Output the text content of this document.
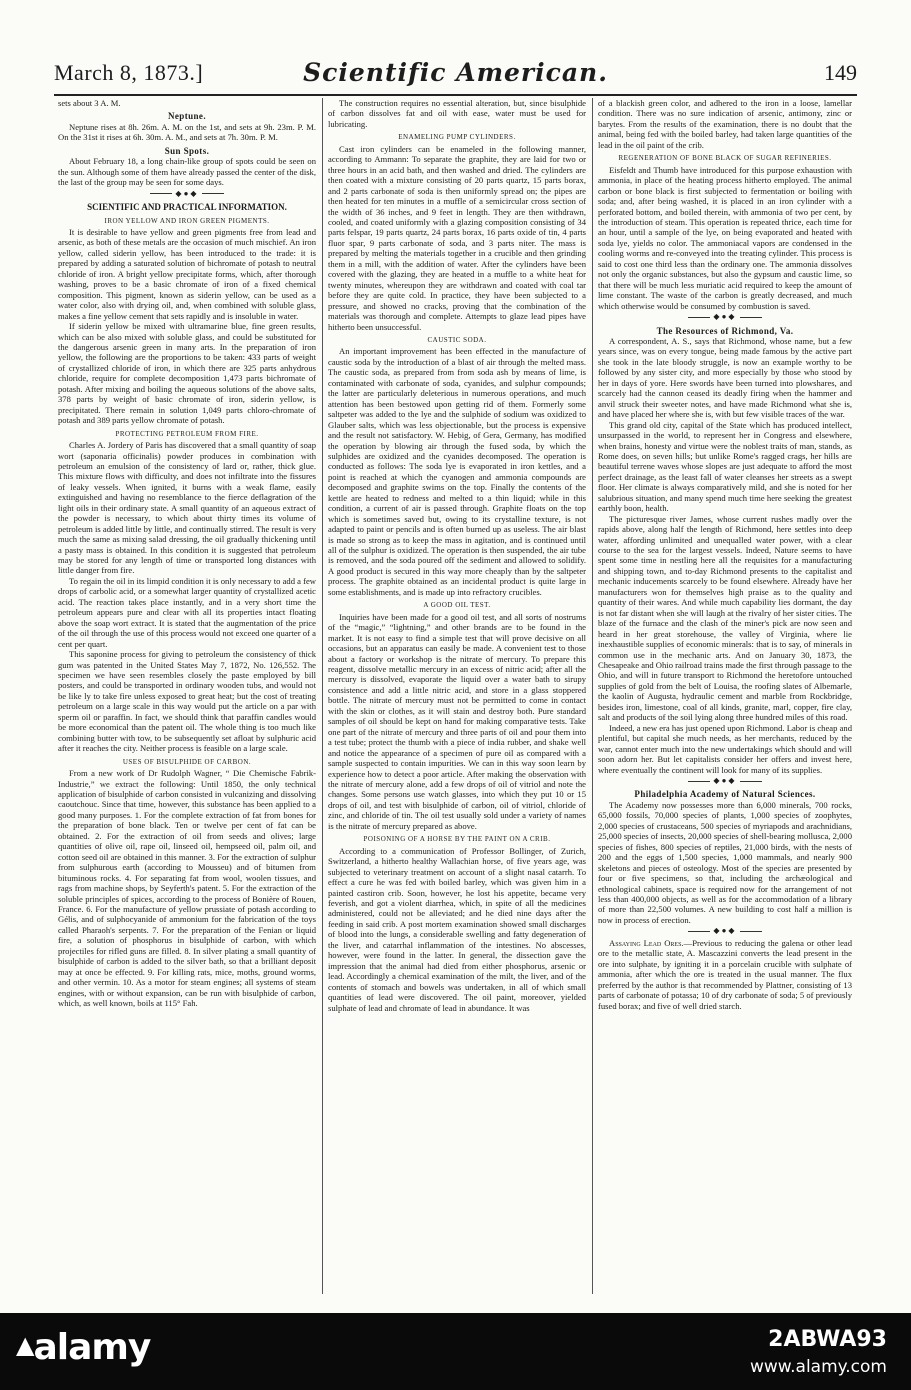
March 8, 1873.]	Scientific American.	149

sets about 3 A. M.

Neptune.

Neptune rises at 8h. 26m. A. M. on the 1st, and sets at 9h. 23m. P. M. On the 31st it rises at 6h. 30m. A. M., and sets at 7h. 30m. P. M.

Sun Spots.

About February 18, a long chain-like group of spots could be seen on the sun. Although some of them have already passed the center of the disk, the last of the group may be seen for some days.

◆●◆
SCIENTIFIC AND PRACTICAL INFORMATION.
IRON YELLOW AND IRON GREEN PIGMENTS.

It is desirable to have yellow and green pigments free from lead and arsenic, as both of these metals are the occasion of much mischief. An iron yellow, called siderin yellow, has been introduced to the trade: it is prepared by adding a saturated solution of bichromate of potash to neutral chloride of iron. A bright yellow precipitate forms, which, after thorough washing, proves to be a basic chromate of iron of a fixed chemical composition. This pigment, known as siderin yellow, can be used as a water color, also with drying oil, and, when combined with soluble glass, makes a fine yellow cement that sets rapidly and is insoluble in water.

If siderin yellow be mixed with ultramarine blue, fine green results, which can be also mixed with soluble glass, and could be substituted for the dangerous arsenic green in many arts. In the preparation of iron yellow, the following are the proportions to be taken: 433 parts of weight of crystallized chloride of iron, in which there are 325 parts anhydrous chloride, require for complete decomposition 1,473 parts bichromate of potash. After mixing and boiling the aqueous solutions of the above salts, 378 parts by weight of basic chromate of iron, siderin yellow, is precipitated. There remain in solution 1,049 parts chloro-chromate of potash and 389 parts yellow chromate of potash.

PROTECTING PETROLEUM FROM FIRE.

Charles A. Jordery of Paris has discovered that a small quantity of soap wort (saponaria officinalis) powder produces in combination with petroleum an emulsion of the consistency of lard or, rather, thick glue. This mixture flows with difficulty, and does not infiltrate into the fissures of leaky vessels. When ignited, it burns with a weak flame, easily extinguished and having no resemblance to the fierce deflagration of the light oils in their ordinary state. A small quantity of an aqueous extract of the powder is necessary, to which about thirty times its volume of petroleum is added little by little, and continually stirred. The result is very much the same as mixing salad dressing, the oil gradually thickening until a pasty mass is obtained. In this condition it is suggested that petroleum may be stored for any length of time or transported long distances with little danger from fire.

To regain the oil in its limpid condition it is only necessary to add a few drops of carbolic acid, or a somewhat larger quantity of crystallized acetic acid. The reaction takes place instantly, and in a very short time the petroleum appears pure and clear with all its properties intact floating above the soap wort extract. It is stated that the augmentation of the price of the oil through the use of this process would not exceed one quarter of a cent per quart.

This saponine process for giving to petroleum the consistency of thick gum was patented in the United States May 7, 1872, No. 126,552. The specimen we have seen resembles closely the paste employed by bill posters, and could be transported in ordinary wooden tubs, and would not be like ly to take fire unless exposed to great heat; but the cost of treating petroleum on a large scale in this way would put the article on a par with sperm oil or paraffin. In fact, we should think that paraffin candles would be more economical than the patent oil. The whole thing is too much like combining butter with tow, to be subsequently set afloat by sulphuric acid after it reaches the city. Neither process is feasible on a large scale.

USES OF BISULPHIDE OF CARBON.

From a new work of Dr Rudolph Wagner, “ Die Chemische Fabrik-Industrie,” we extract the following: Until 1850, the only technical application of bisulphide of carbon consisted in vulcanizing and dissolving caoutchouc. Since that time, however, this substance has been applied to a good many purposes. 1. For the complete extraction of fat from bones for the preparation of bone black. Ten or twelve per cent of fat can be obtained. 2. For the extraction of oil from seeds and olives; large quantities of olive oil, rape oil, linseed oil, hempseed oil, palm oil, and cotton seed oil are obtained in this manner. 3. For the extraction of sulphur from sulphurous earth (according to Mousseu) and of bitumen from bituminous rocks. 4. For separating fat from wool, woolen tissues, and rags from machine shops, by Seyferth's patent. 5. For the extraction of the soluble principles of spices, according to the process of Bonière of Rouen, France. 6. For the manufacture of yellow prussiate of potash according to Gélis, and of sulphocyanide of ammonium for the fabrication of the toys called Pharaoh's serpents. 7. For the preparation of the Fenian or liquid fire, a solution of phosphorus in bisulphide of carbon, with which projectiles for rifled guns are filled. 8. In silver plating a small quantity of bisulphide of carbon is added to the silver bath, so that a brilliant deposit may at once be effected. 9. For killing rats, mice, moths, ground worms, and other vermin. 10. As a motor for steam engines; all systems of steam engines, with or without expansion, can be run with bisulphide of carbon, which, as well known, boils at 115° Fah.

The construction requires no essential alteration, but, since bisulphide of carbon dissolves fat and oil with ease, water must be used for lubricating.

ENAMELING PUMP CYLINDERS.

Cast iron cylinders can be enameled in the following manner, according to Ammann: To separate the graphite, they are laid for two or three hours in an acid bath, and then washed and dried. The cylinders are then coated with a mixture consisting of 20 parts quartz, 15 parts borax, and 2 parts carbonate of soda is then uniformly spread on; the pipes are then heated for ten minutes in a muffle of a semicircular cross section of the width of 36 inches, and 9 feet in length. They are then withdrawn, cooled, and coated uniformly with a glazing composition consisting of 34 parts felspar, 19 parts quartz, 24 parts borax, 16 parts oxide of tin, 4 parts fluor spar, 9 parts carbonate of soda, and 3 parts niter. The mass is prepared by melting the materials together in a crucible and then grinding them in a mill, with the addition of water. After the cylinders have been covered with the glazing, they are heated in a muffle to a white heat for twenty minutes, whereupon they are withdrawn and coated with coal tar before they are quite cold. In practice, they have been subjected to a pressure, and showed no cracks, proving that the combination of the materials was thorough and complete. Attempts to glaze lead pipes have hitherto been unsuccessful.

CAUSTIC SODA.

An important improvement has been effected in the manufacture of caustic soda by the introduction of a blast of air through the melted mass. The caustic soda, as prepared from from soda ash by means of lime, is contaminated with carbonate of soda, cyanides, and sulphur compounds; the latter are particularly deleterious in numerous operations, and much attention has been bestowed upon getting rid of them. Formerly some saltpeter was added to the lye and the sulphide of sodium was oxidized to Glauber salts, which was less objectionable, but the process is expensive and the result not satisfactory. W. Hebig, of Gera, Germany, has modified the operation by blowing air through the fused soda, by which the sulphides are oxidized and the cyanides decomposed. The operation is conducted as follows: The soda lye is evaporated in iron kettles, and a point is reached at which the cyanogen and ammonia compounds are decomposed and graphite swims on the top. Finally the contents of the kettle are heated to redness and melted to a thin liquid; while in this condition, a current of air is passed through. Graphite floats on the top which is sometimes saved but, owing to its crystalline texture, is not adapted to paint or pencils and is often burned up as useless. The air blast is made so strong as to keep the mass in agitation, and is continued until all of the sulphur is oxidized. The operation is then suspended, the air tube is removed, and the soda poured off the sediment and allowed to solidify. A good product is secured in this way more cheaply than by the saltpeter process. The graphite obtained as an incidental product is quite large in some establishments, and is made up into refractory crucibles.

A GOOD OIL TEST.

Inquiries have been made for a good oil test, and all sorts of nostrums of the “magic,” “lightning,” and other brands are to be found in the market. It is not easy to find a simple test that will prove decisive on all occasions, but an apparatus can easily be made. A convenient test to those about a factory or workshop is the nitrate of mercury. To prepare this reagent, dissolve metallic mercury in an excess of nitric acid; after all the mercury is dissolved, evaporate the liquid over a water bath to sirupy consistence and add a little nitric acid, and store in a glass stoppered bottle. The nitrate of mercury must not be permitted to come in contact with the skin or clothes, as it will stain and destroy both. Pure standard samples of oil should be kept on hand for making comparative tests. Take one part of the nitrate of mercury and three parts of oil and pour them into a test tube; protect the thumb with a piece of india rubber, and shake well and notice the appearance of a specimen of pure oil as compared with a sample suspected to contain impurities. We can in this way soon learn by experience how to detect a poor article. After making the observation with the nitrate of mercury alone, add a few drops of oil of vitriol and note the changes. Some persons use watch glasses, into which they put 10 or 15 drops of oil, and test with bisulphide of carbon, oil of vitriol, chloride of zinc, and chloride of tin. The oil test usually sold under a variety of names is the nitrate of mercury prepared as above.

POISONING OF A HORSE BY THE PAINT ON A CRIB.

According to a communication of Professor Bollinger, of Zurich, Switzerland, a hitherto healthy Wallachian horse, of five years age, was subjected to veterinary treatment on account of a slight nasal catarrh. To effect a cure he was fed with boiled barley, which was given him in a painted castiron crib. Soon, however, he lost his appetite, became very feverish, and got a violent diarrhea, which, in spite of all the medicines administered, could not be alleviated; and he died nine days after the feeding in said crib. A post mortem examination showed small discharges of blood into the lungs, a considerable swelling and fatty degeneration of the liver, and catarrhal inflammation of the intestines. No abscesses, however, were found in the latter. In general, the dissection gave the impression that the animal had died from either phosphorus, arsenic or lead. Accordingly a chemical examination of the milt, the liver, and of the contents of stomach and bowels was undertaken, in all of which small quantities of lead were discovered. The oil paint, moreover, yielded sulphate of lead and chromate of lead in abundance. It was

of a blackish green color, and adhered to the iron in a loose, lamellar condition. There was no sure indication of arsenic, antimony, zinc or barytes. From the results of the examination, there is no doubt that the animal, being fed with the boiled barley, had taken large quantities of the lead in the oil paint of the crib.

REGENERATION OF BONE BLACK OF SUGAR REFINERIES.

Eisfeldt and Thumb have introduced for this purpose exhaustion with ammonia, in place of the heating process hitherto employed. The animal carbon or bone black is first subjected to fermentation or boiling with soda; and, after being washed, it is placed in an iron cylinder with a perforated bottom, and boiled therein, with ammonia of two per cent, by the introduction of steam. This operation is repeated thrice, each time for an hour, until a sample of the lye, on being evaporated and heated with soda lye, yields no color. The ammoniacal vapors are condensed in the cooling worms and re-conveyed into the treating cylinder. This process is said to cost one third less than the ordinary one. The ammonia dissolves not only the organic substances, but also the gypsum and caustic lime, so that there will be much less muriatic acid required to keep the amount of lime constant. The waste of the carbon is greatly decreased, and much which otherwise would be consumed by combustion is saved.

◆●◆
The Resources of Richmond, Va.

A correspondent, A. S., says that Richmond, whose name, but a few years since, was on every tongue, being made famous by the active part she took in the late bloody struggle, is now an example worthy to be followed by any sister city, and more especially by those who stood by her in days of yore. Here swords have been turned into plowshares, and scarcely had the cannon ceased its deadly firing when the hammer and anvil struck their sweeter notes, and have made Richmond what she is, and have placed her where she is, with but few visible traces of the war.

This grand old city, capital of the State which has produced intellect, unsurpassed in the world, to represent her in Congress and elsewhere, when brains, honesty and virtue were the noblest traits of man, stands, as Rome does, on seven hills; but unlike Rome's ragged crags, her hills are beautiful terrene waves whose slopes are just adequate to afford the most perfect drainage, as the least fall of water cleanses her streets as a swept floor. Her climate is always comparatively mild, and she is noted for her salubrious situation, and many spend much time here seeking the greatest earthly boon, health.

The picturesque river James, whose current rushes madly over the rapids above, along half the length of Richmond, here settles into deep water, affording unlimited and unequalled water power, with a clear course to the sea for the largest vessels. Indeed, Nature seems to have spent some time in nestling here all the requisites for a manufacturing and shipping town, and to-day Richmond presents to the capitalist and mechanic inducements scarcely to be found elsewhere. Already have her manufacturers won for themselves high praise as to the quality and quantity of their wares. And while much capability lies dormant, the day is not far distant when she will laugh at the rivalry of her sister cities. The blaze of the furnace and the clash of the miner's pick are now seen and heard in her great storehouse, the valley of Virginia, where lie inexhaustible supplies of economic minerals: that is to say, of minerals in common use in the mechanic arts. And on January 30, 1873, the Chesapeake and Ohio railroad trains made the first through passage to the Ohio, and will in future transport to Richmond the heretofore untouched supplies of gold from the belt of Louisa, the roofing slates of Albemarle, the kaolin of Augusta, hydraulic cement and marble from Rockbridge, besides iron, limestone, coal of all kinds, granite, marl, copper, fire clay, salt and products of the soil lying along three hundred miles of this road.

Indeed, a new era has just opened upon Richmond. Labor is cheap and plentiful, but capital she much needs, as her merchants, reduced by the war, cannot enter much into the new undertakings which should and will soon adorn her. But let capitalists consider her offers and invest here, where eventually the continent will look for many of its supplies.

◆●◆
Philadelphia Academy of Natural Sciences.

The Academy now possesses more than 6,000 minerals, 700 rocks, 65,000 fossils, 70,000 species of plants, 1,000 species of zoophytes, 2,000 species of crustaceans, 500 species of myriapods and arachnidians, 25,000 species of insects, 20,000 species of shell-bearing mollusca, 2,000 species of fishes, 800 species of reptiles, 21,000 birds, with the nests of 200 and the eggs of 1,500 species, 1,000 mammals, and nearly 900 skeletons and pieces of osteology. Most of the species are presented by four or five specimens, so that, including the archæological and ethnological cabinets, space is required now for the arrangement of not less than 400,000 objects, as well as for the accommodation of a library of more than 22,500 volumes. A new building to cost half a million is now in process of erection.

◆●◆

Assaying Lead Ores.—Previous to reducing the galena or other lead ore to the metallic state, A. Mascazzini converts the lead present in the ore into sulphate, by igniting it in a porcelain crucible with sulphate of ammonia, after which the ore is treated in the usual manner. The flux preferred by the author is that recommended by Plattner, consisting of 13 parts of carbonate of potassa; 10 of dry carbonate of soda; 5 of previously fused borax; and five of well dried starch.

▲alamy	2ABWA93
www.alamy.com
